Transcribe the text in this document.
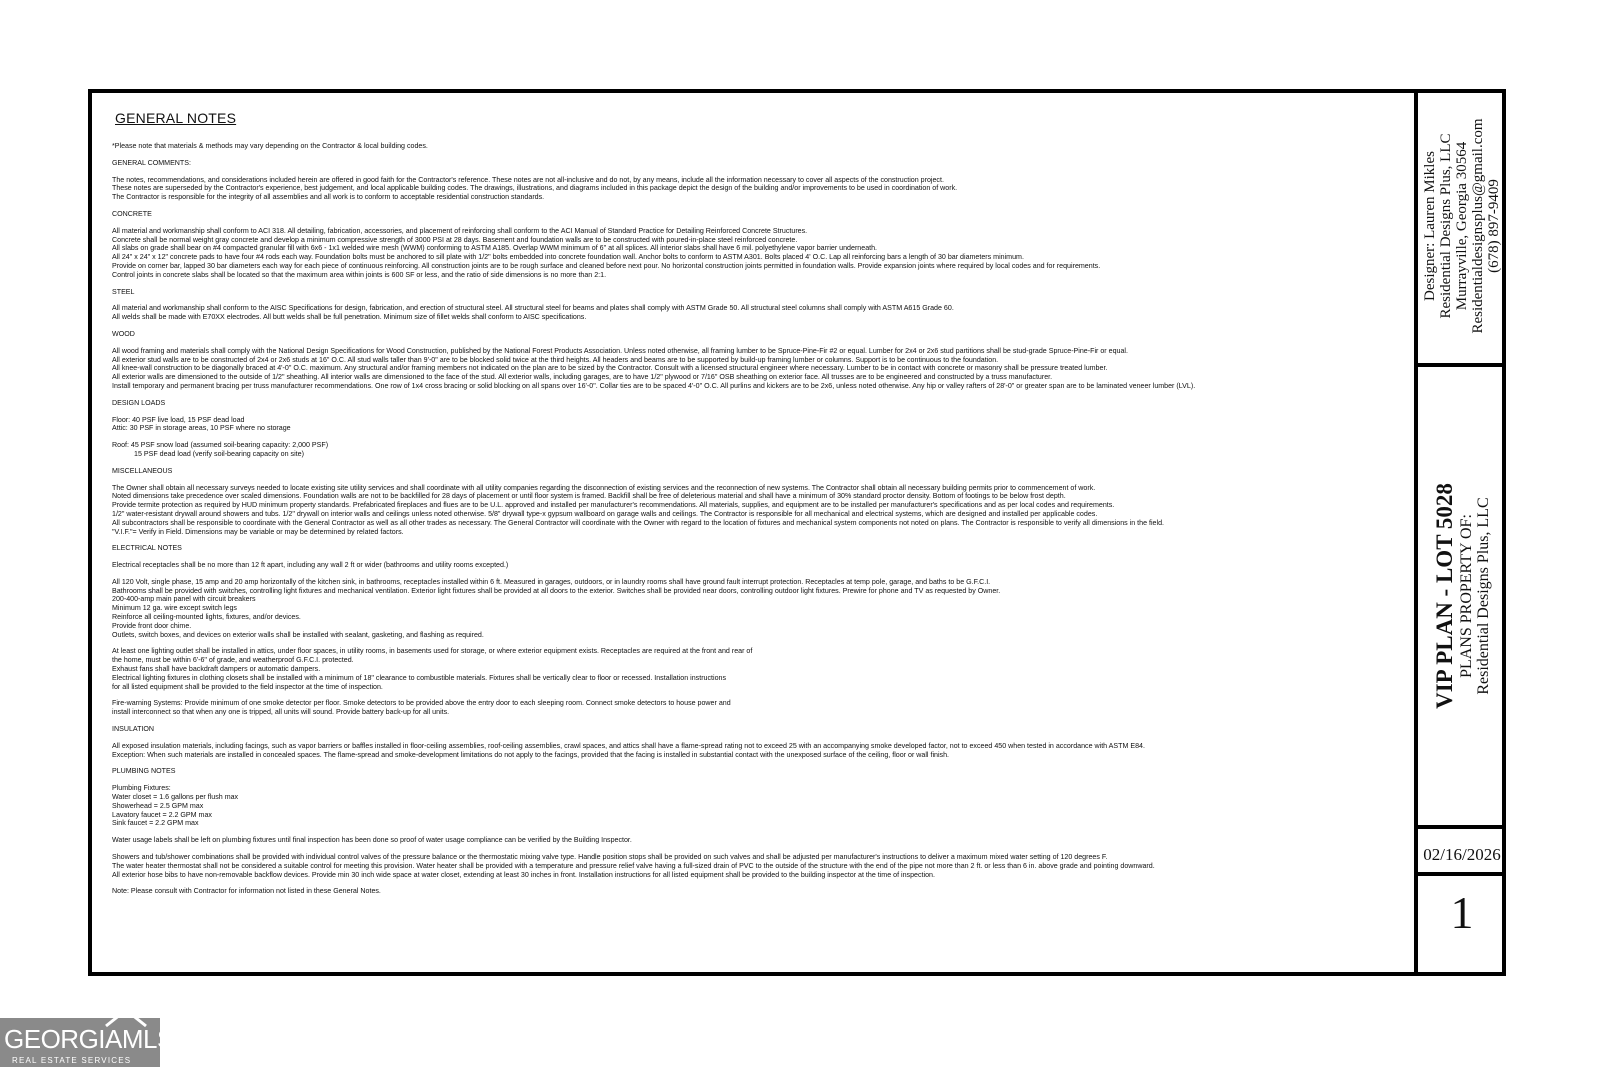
GENERAL NOTES
*Please note that materials & methods may vary depending on the Contractor & local building codes.
GENERAL COMMENTS:
The notes, recommendations, and considerations included herein are offered in good faith for the Contractor's reference. These notes are not all-inclusive and do not, by any means, include all the information necessary to cover all aspects of the construction project.
These notes are superseded by the Contractor's experience, best judgement, and local applicable building codes. The drawings, illustrations, and diagrams included in this package depict the design of the building and/or improvements to be used in coordination of work.
The Contractor is responsible for the integrity of all assemblies and all work is to conform to acceptable residential construction standards.
CONCRETE
All material and workmanship shall conform to ACI 318. All detailing, fabrication, accessories, and placement of reinforcing shall conform to the ACI Manual of Standard Practice for Detailing Reinforced Concrete Structures.
Concrete shall be normal weight gray concrete and develop a minimum compressive strength of 3000 PSI at 28 days. Basement and foundation walls are to be constructed with poured-in-place steel reinforced concrete.
All slabs on grade shall bear on #4 compacted granular fill with 6x6 - 1x1 welded wire mesh (WWM) conforming to ASTM A185. Overlap WWM minimum of 6" at all splices. All interior slabs shall have 6 mil. polyethylene vapor barrier underneath.
All 24" x 24" x 12" concrete pads to have four #4 rods each way. Foundation bolts must be anchored to sill plate with 1/2" bolts embedded into concrete foundation wall. Anchor bolts to conform to ASTM A301. Bolts placed 4' O.C. Lap all reinforcing bars a length of 30 bar diameters minimum.
Provide on corner bar, lapped 30 bar diameters each way for each piece of continuous reinforcing. All construction joints are to be rough surface and cleaned before next pour. No horizontal construction joints permitted in foundation walls. Provide expansion joints where required by local codes and for requirements.
Control joints in concrete slabs shall be located so that the maximum area within joints is 600 SF or less, and the ratio of side dimensions is no more than 2:1.
STEEL
All material and workmanship shall conform to the AISC Specifications for design, fabrication, and erection of structural steel. All structural steel for beams and plates shall comply with ASTM Grade 50. All structural steel columns shall comply with ASTM A615 Grade 60.
All welds shall be made with E70XX electrodes. All butt welds shall be full penetration. Minimum size of fillet welds shall conform to AISC specifications.
WOOD
All wood framing and materials shall comply with the National Design Specifications for Wood Construction, published by the National Forest Products Association. Unless noted otherwise, all framing lumber to be Spruce-Pine-Fir #2 or equal. Lumber for 2x4 or 2x6 stud partitions shall be stud-grade Spruce-Pine-Fir or equal.
All exterior stud walls are to be constructed of 2x4 or 2x6 studs at 16" O.C. All stud walls taller than 9'-0" are to be blocked solid twice at the third heights. All headers and beams are to be supported by build-up framing lumber or columns. Support is to be continuous to the foundation.
All knee-wall construction to be diagonally braced at 4'-0" O.C. maximum. Any structural and/or framing members not indicated on the plan are to be sized by the Contractor. Consult with a licensed structural engineer where necessary. Lumber to be in contact with concrete or masonry shall be pressure treated lumber.
All exterior walls are dimensioned to the outside of 1/2" sheathing. All interior walls are dimensioned to the face of the stud. All exterior walls, including garages, are to have 1/2" plywood or 7/16" OSB sheathing on exterior face. All trusses are to be engineered and constructed by a truss manufacturer.
Install temporary and permanent bracing per truss manufacturer recommendations. One row of 1x4 cross bracing or solid blocking on all spans over 16'-0". Collar ties are to be spaced 4'-0" O.C. All purlins and kickers are to be 2x6, unless noted otherwise. Any hip or valley rafters of 28'-0" or greater span are to be laminated veneer lumber (LVL).
DESIGN LOADS
Floor: 40 PSF live load, 15 PSF dead load
Attic: 30 PSF in storage areas, 10 PSF where no storage
Roof: 45 PSF snow load (assumed soil-bearing capacity: 2,000 PSF)
15 PSF dead load (verify soil-bearing capacity on site)
MISCELLANEOUS
The Owner shall obtain all necessary surveys needed to locate existing site utility services and shall coordinate with all utility companies regarding the disconnection of existing services and the reconnection of new systems. The Contractor shall obtain all necessary building permits prior to commencement of work.
Noted dimensions take precedence over scaled dimensions. Foundation walls are not to be backfilled for 28 days of placement or until floor system is framed. Backfill shall be free of deleterious material and shall have a minimum of 30% standard proctor density. Bottom of footings to be below frost depth.
Provide termite protection as required by HUD minimum property standards. Prefabricated fireplaces and flues are to be U.L. approved and installed per manufacturer's recommendations. All materials, supplies, and equipment are to be installed per manufacturer's specifications and as per local codes and requirements.
1/2" water-resistant drywall around showers and tubs. 1/2" drywall on interior walls and ceilings unless noted otherwise. 5/8" drywall type-x gypsum wallboard on garage walls and ceilings. The Contractor is responsible for all mechanical and electrical systems, which are designed and installed per applicable codes.
All subcontractors shall be responsible to coordinate with the General Contractor as well as all other trades as necessary. The General Contractor will coordinate with the Owner with regard to the location of fixtures and mechanical system components not noted on plans. The Contractor is responsible to verify all dimensions in the field.
"V.I.F."= Verify in Field. Dimensions may be variable or may be determined by related factors.
ELECTRICAL NOTES
Electrical receptacles shall be no more than 12 ft apart, including any wall 2 ft or wider (bathrooms and utility rooms excepted.)
All 120 Volt, single phase, 15 amp and 20 amp horizontally of the kitchen sink, in bathrooms, receptacles installed within 6 ft. Measured in garages, outdoors, or in laundry rooms shall have ground fault interrupt protection. Receptacles at temp pole, garage, and baths to be G.F.C.I.
Bathrooms shall be provided with switches, controlling light fixtures and mechanical ventilation. Exterior light fixtures shall be provided at all doors to the exterior. Switches shall be provided near doors, controlling outdoor light fixtures. Prewire for phone and TV as requested by Owner.
200-400-amp main panel with circuit breakers
Minimum 12 ga. wire except switch legs
Reinforce all ceiling-mounted lights, fixtures, and/or devices.
Provide front door chime.
Outlets, switch boxes, and devices on exterior walls shall be installed with sealant, gasketing, and flashing as required.
At least one lighting outlet shall be installed in attics, under floor spaces, in utility rooms, in basements used for storage, or where exterior equipment exists. Receptacles are required at the front and rear of
the home, must be within 6'-6" of grade, and weatherproof G.F.C.I. protected.
Exhaust fans shall have backdraft dampers or automatic dampers.
Electrical lighting fixtures in clothing closets shall be installed with a minimum of 18" clearance to combustible materials. Fixtures shall be vertically clear to floor or recessed. Installation instructions
for all listed equipment shall be provided to the field inspector at the time of inspection.
Fire-warning Systems: Provide minimum of one smoke detector per floor. Smoke detectors to be provided above the entry door to each sleeping room. Connect smoke detectors to house power and
install interconnect so that when any one is tripped, all units will sound. Provide battery back-up for all units.
INSULATION
All exposed insulation materials, including facings, such as vapor barriers or baffles installed in floor-ceiling assemblies, roof-ceiling assemblies, crawl spaces, and attics shall have a flame-spread rating not to exceed 25 with an accompanying smoke developed factor, not to exceed 450 when tested in accordance with ASTM E84.
Exception: When such materials are installed in concealed spaces. The flame-spread and smoke-development limitations do not apply to the facings, provided that the facing is installed in substantial contact with the unexposed surface of the ceiling, floor or wall finish.
PLUMBING NOTES
Plumbing Fixtures:
Water closet = 1.6 gallons per flush max
Showerhead = 2.5 GPM max
Lavatory faucet = 2.2 GPM max
Sink faucet = 2.2 GPM max
Water usage labels shall be left on plumbing fixtures until final inspection has been done so proof of water usage compliance can be verified by the Building Inspector.
Showers and tub/shower combinations shall be provided with individual control valves of the pressure balance or the thermostatic mixing valve type. Handle position stops shall be provided on such valves and shall be adjusted per manufacturer's instructions to deliver a maximum mixed water setting of 120 degrees F.
The water heater thermostat shall not be considered a suitable control for meeting this provision. Water heater shall be provided with a temperature and pressure relief valve having a full-sized drain of PVC to the outside of the structure with the end of the pipe not more than 2 ft. or less than 6 in. above grade and pointing downward.
All exterior hose bibs to have non-removable backflow devices. Provide min 30 inch wide space at water closet, extending at least 30 inches in front. Installation instructions for all listed equipment shall be provided to the building inspector at the time of inspection.
Note: Please consult with Contractor for information not listed in these General Notes.
Designer: Lauren Mikles Residential Designs Plus, LLC Murrayville, Georgia 30564 Residentialdesignsplus@gmail.com (678) 897-9409
VIP PLAN - LOT 5028 PLANS PROPERTY OF: Residential Designs Plus, LLC
02/16/2026
1
GEORGIAMLS
REAL ESTATE SERVICES
